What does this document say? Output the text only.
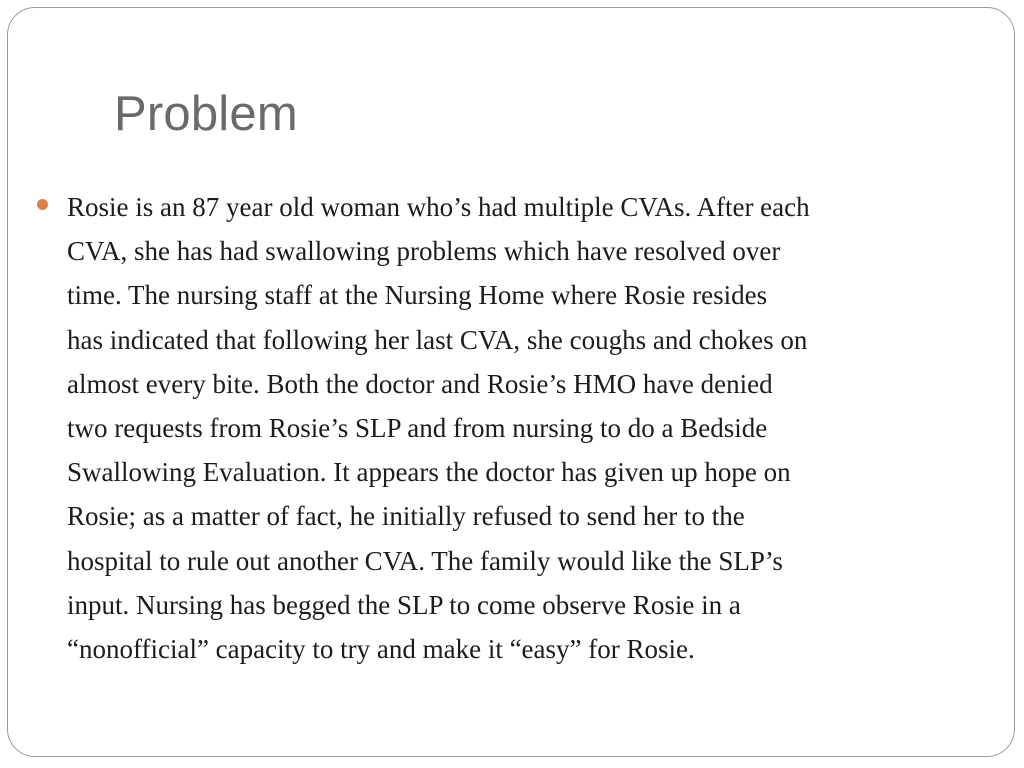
Problem

Rosie is an 87 year old woman who’s had multiple CVAs. After each
CVA, she has had swallowing problems which have resolved over
time. The nursing staff at the Nursing Home where Rosie resides
has indicated that following her last CVA, she coughs and chokes on
almost every bite. Both the doctor and Rosie’s HMO have denied
two requests from Rosie’s SLP and from nursing to do a Bedside
Swallowing Evaluation. It appears the doctor has given up hope on
Rosie; as a matter of fact, he initially refused to send her to the
hospital to rule out another CVA. The family would like the SLP’s
input. Nursing has begged the SLP to come observe Rosie in a
“nonofficial” capacity to try and make it “easy” for Rosie.
